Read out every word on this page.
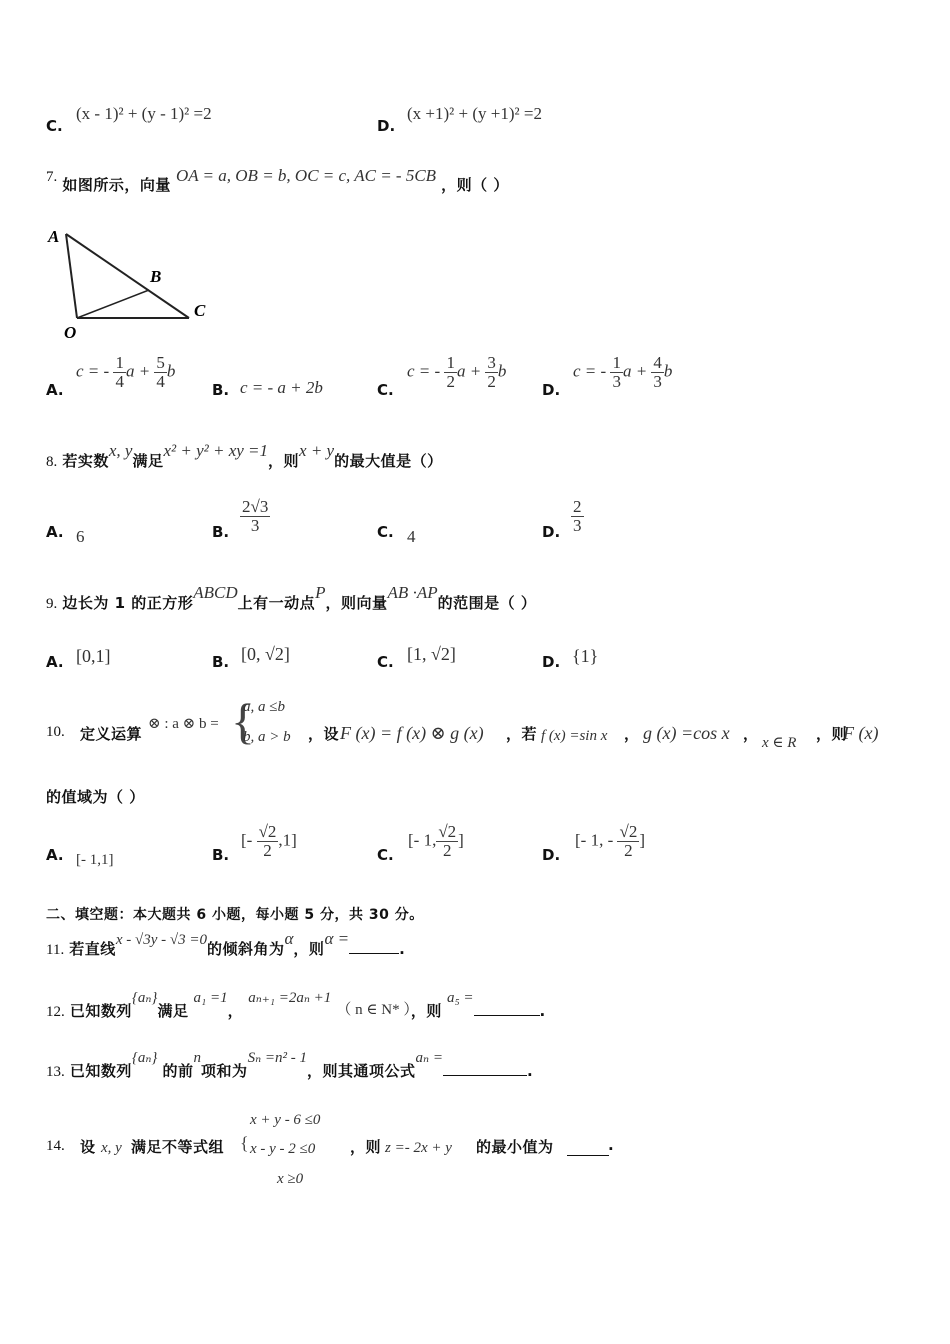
C.
(x - 1)² + (y - 1)² =2
D.
(x +1)² + (y +1)² =2
7. 如图所示，向量 OA = a, OB = b, OC = c, AC = - 5CB ，则（ ）
A
B
C
O
A.
c = - $\frac{1}{4}$ $a + \frac{5}{4}$ b
B. c = - a + 2b	C.
c = - $\frac{1}{2}$ $a + \frac{3}{2}$ b
D.
c = - $\frac{1}{3}$ $a + \frac{4}{3}$ b
8. 若实数x, y满足x² + y² + xy =1，则x + y的最大值是（）
A. 6	B. $\frac{2√3}{3}$	C. 4	D. $\frac{2}{3}$
9. 边长为 1 的正方形ABCD上有一动点P，则向量AB ·AP的范围是（ ）
A. [0,1]	B. [0, √2]	C. [1, √2]	D. {1}
10. 定义运算
⊗ : a ⊗ b = {
a, a ≤b
b, a > b ，设 F (x) = f (x) ⊗ g (x) ，若 f (x) =sin x ， g (x) =cos x ， x ∈ R ，则
F (x)
的值域为（ ）
A. [- 1,1]	B.
[- $\frac{√2}{2} ,1$]
C.
[- 1, $\frac{√2}{2}$ ]
D.
[- 1, - $\frac{√2}{2}$ ]
二、填空题：本大题共 6 小题，每小题 5 分，共 30 分。
11. 若直线x - √3y - √3 =0的倾斜角为α，则α =.
12. 已知数列{aₙ}满足 a₁ =1， aₙ₊₁ =2aₙ +1 （ n ∈ N* ），则 a₅ =.
13. 已知数列{aₙ} 的前n项和为Sₙ =n² - 1，则其通项公式aₙ =.
14. 设 x, y 满足不等式组
x + y - 6 ≤0
{ x - y - 2 ≤0
x ≥0
，则 z =- 2x + y 的最小值为	.
